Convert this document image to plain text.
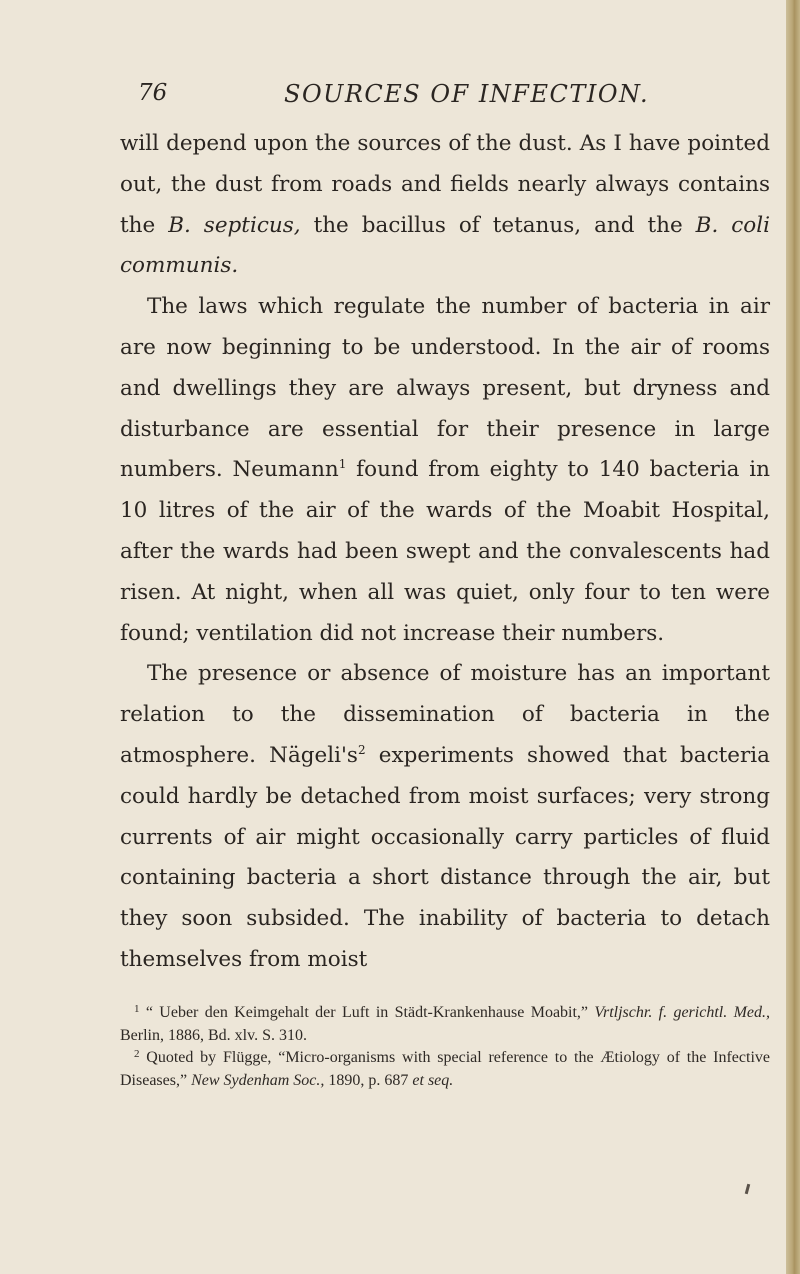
76	SOURCES OF INFECTION.

will depend upon the sources of the dust. As I have pointed out, the dust from roads and fields nearly always contains the B. septicus, the bacillus of tetanus, and the B. coli communis.

The laws which regulate the number of bacteria in air are now beginning to be understood. In the air of rooms and dwellings they are always present, but dryness and disturbance are essential for their presence in large numbers. Neumann$^1$ found from eighty to 140 bacteria in 10 litres of the air of the wards of the Moabit Hospital, after the wards had been swept and the convalescents had risen. At night, when all was quiet, only four to ten were found; ventilation did not increase their numbers.

The presence or absence of moisture has an important relation to the dissemination of bacteria in the atmosphere. $Nägeli's^2$ experiments showed that bacteria could hardly be detached from moist surfaces; very strong currents of air might occasionally carry particles of fluid containing bacteria a short distance through the air, but they soon subsided. The inability of bacteria to detach themselves from moist

$^1$ “ Ueber den Keimgehalt der Luft in Städt-Krankenhause Moabit,” Vrtljschr. f. gerichtl. Med., Berlin, 1886, Bd. xlv. S. 310.

$^2$ Quoted by Flügge, “Micro-organisms with special reference to the Ætiology of the Infective Diseases,” New Sydenham Soc., 1890, p. 687 et seq.
